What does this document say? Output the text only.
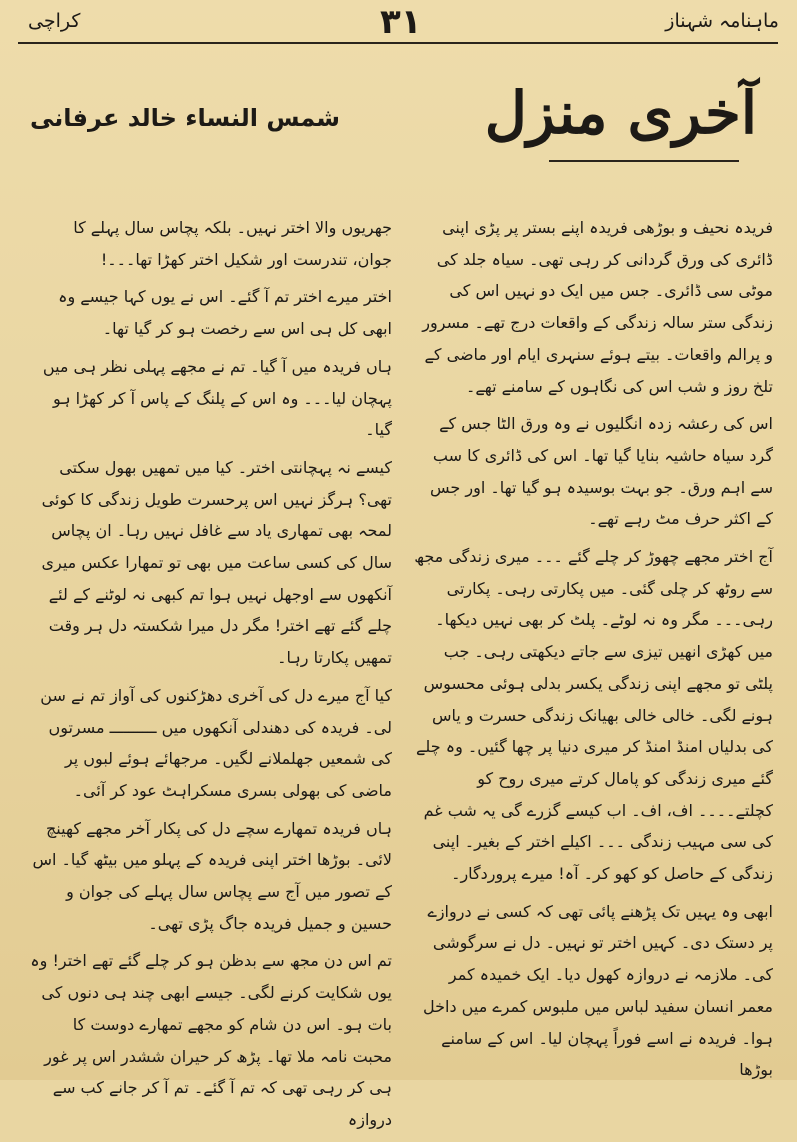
ماہنامہ شہناز
۳۱
کراچی
آخری منزل
شمس النساء خالد عرفانی

فریدہ نحیف و بوڑھی فریدہ اپنے بستر پر پڑی اپنی ڈائری کی ورق گردانی کر رہی تھی۔ سیاہ جلد کی موٹی سی ڈائری۔ جس میں ایک دو نہیں اس کی زندگی ستر سالہ زندگی کے واقعات درج تھے۔ مسرور و پرالم واقعات۔ بیتے ہوئے سنہری ایام اور ماضی کے تلخ روز و شب اس کی نگاہوں کے سامنے تھے۔

اس کی رعشہ زدہ انگلیوں نے وہ ورق الٹا جس کے گرد سیاہ حاشیہ بنایا گیا تھا۔ اس کی ڈائری کا سب سے اہم ورق۔ جو بہت بوسیدہ ہو گیا تھا۔ اور جس کے اکثر حرف مٹ رہے تھے۔

آج اختر مجھے چھوڑ کر چلے گئے ۔۔۔ میری زندگی مجھ سے روٹھ کر چلی گئی۔ میں پکارتی رہی۔ پکارتی رہی۔۔۔ مگر وہ نہ لوٹے۔ پلٹ کر بھی نہیں دیکھا۔ میں کھڑی انھیں تیزی سے جاتے دیکھتی رہی۔ جب پلٹی تو مجھے اپنی زندگی یکسر بدلی ہوئی محسوس ہونے لگی۔ خالی خالی بھیانک زندگی حسرت و یاس کی بدلیاں امنڈ امنڈ کر میری دنیا پر چھا گئیں۔ وہ چلے گئے میری زندگی کو پامال کرتے میری روح کو کچلتے۔۔۔۔ اف، اف۔ اب کیسے گزرے گی یہ شب غم کی سی مہیب زندگی ۔۔۔ اکیلے اختر کے بغیر۔ اپنی زندگی کے حاصل کو کھو کر۔ آہ! میرے پروردگار۔

ابھی وہ یہیں تک پڑھنے پائی تھی کہ کسی نے دروازے پر دستک دی۔ کہیں اختر تو نہیں۔ دل نے سرگوشی کی۔ ملازمہ نے دروازہ کھول دیا۔ ایک خمیدہ کمر معمر انسان سفید لباس میں ملبوس کمرے میں داخل ہوا۔ فریدہ نے اسے فوراً پہچان لیا۔ اس کے سامنے بوڑھا

جھریوں والا اختر نہیں۔ بلکہ پچاس سال پہلے کا جوان، تندرست اور شکیل اختر کھڑا تھا۔۔۔!

اختر میرے اختر تم آ گئے۔ اس نے یوں کہا جیسے وہ ابھی کل ہی اس سے رخصت ہو کر گیا تھا۔

ہاں فریدہ میں آ گیا۔ تم نے مجھے پہلی نظر ہی میں پہچان لیا۔۔۔ وہ اس کے پلنگ کے پاس آ کر کھڑا ہو گیا۔

کیسے نہ پہچانتی اختر۔ کیا میں تمھیں بھول سکتی تھی؟ ہرگز نہیں اس پرحسرت طویل زندگی کا کوئی لمحہ بھی تمھاری یاد سے غافل نہیں رہا۔ ان پچاس سال کی کسی ساعت میں بھی تو تمھارا عکس میری آنکھوں سے اوجھل نہیں ہوا تم کبھی نہ لوٹنے کے لئے چلے گئے تھے اختر! مگر دل میرا شکستہ دل ہر وقت تمھیں پکارتا رہا۔

کیا آج میرے دل کی آخری دھڑکنوں کی آواز تم نے سن لی۔ فریدہ کی دھندلی آنکھوں میں ــــــــــ مسرتوں کی شمعیں جھلملانے لگیں۔ مرجھائے ہوئے لبوں پر ماضی کی بھولی بسری مسکراہٹ عود کر آئی۔

ہاں فریدہ تمھارے سچے دل کی پکار آخر مجھے کھینچ لائی۔ بوڑھا اختر اپنی فریدہ کے پہلو میں بیٹھ گیا۔ اس کے تصور میں آج سے پچاس سال پہلے کی جوان و حسین و جمیل فریدہ جاگ پڑی تھی۔

تم اس دن مجھ سے بدظن ہو کر چلے گئے تھے اختر! وہ یوں شکایت کرنے لگی۔ جیسے ابھی چند ہی دنوں کی بات ہو۔ اس دن شام کو مجھے تمھارے دوست کا محبت نامہ ملا تھا۔ پڑھ کر حیران ششدر اس پر غور ہی کر رہی تھی کہ تم آ گئے۔ تم آ کر جانے کب سے دروازہ
